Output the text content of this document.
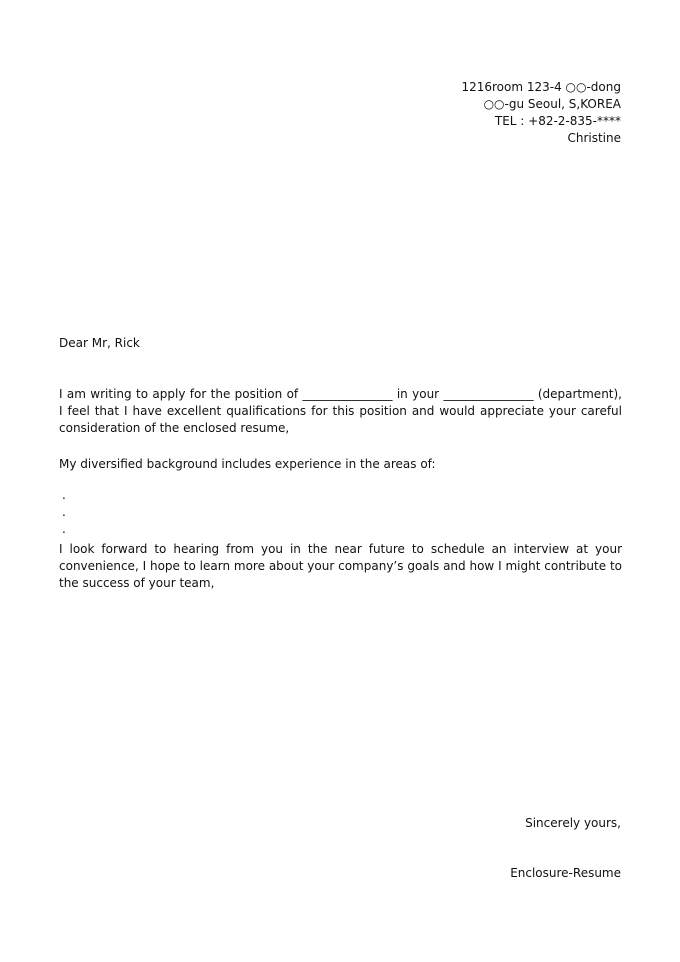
1216room 123-4 ○○-dong
○○-gu Seoul, S,KOREA
TEL : +82-2-835-****
Christine
Dear Mr, Rick
I am writing to apply for the position of _______________ in your _______________ (department), I feel that I have excellent qualifications for this position and would appreciate your careful consideration of the enclosed resume,
My diversified background includes experience in the areas of:
.
.
.
I look forward to hearing from you in the near future to schedule an interview at your convenience, I hope to learn more about your company’s goals and how I might contribute to the success of your team,
Sincerely yours,
Enclosure-Resume
